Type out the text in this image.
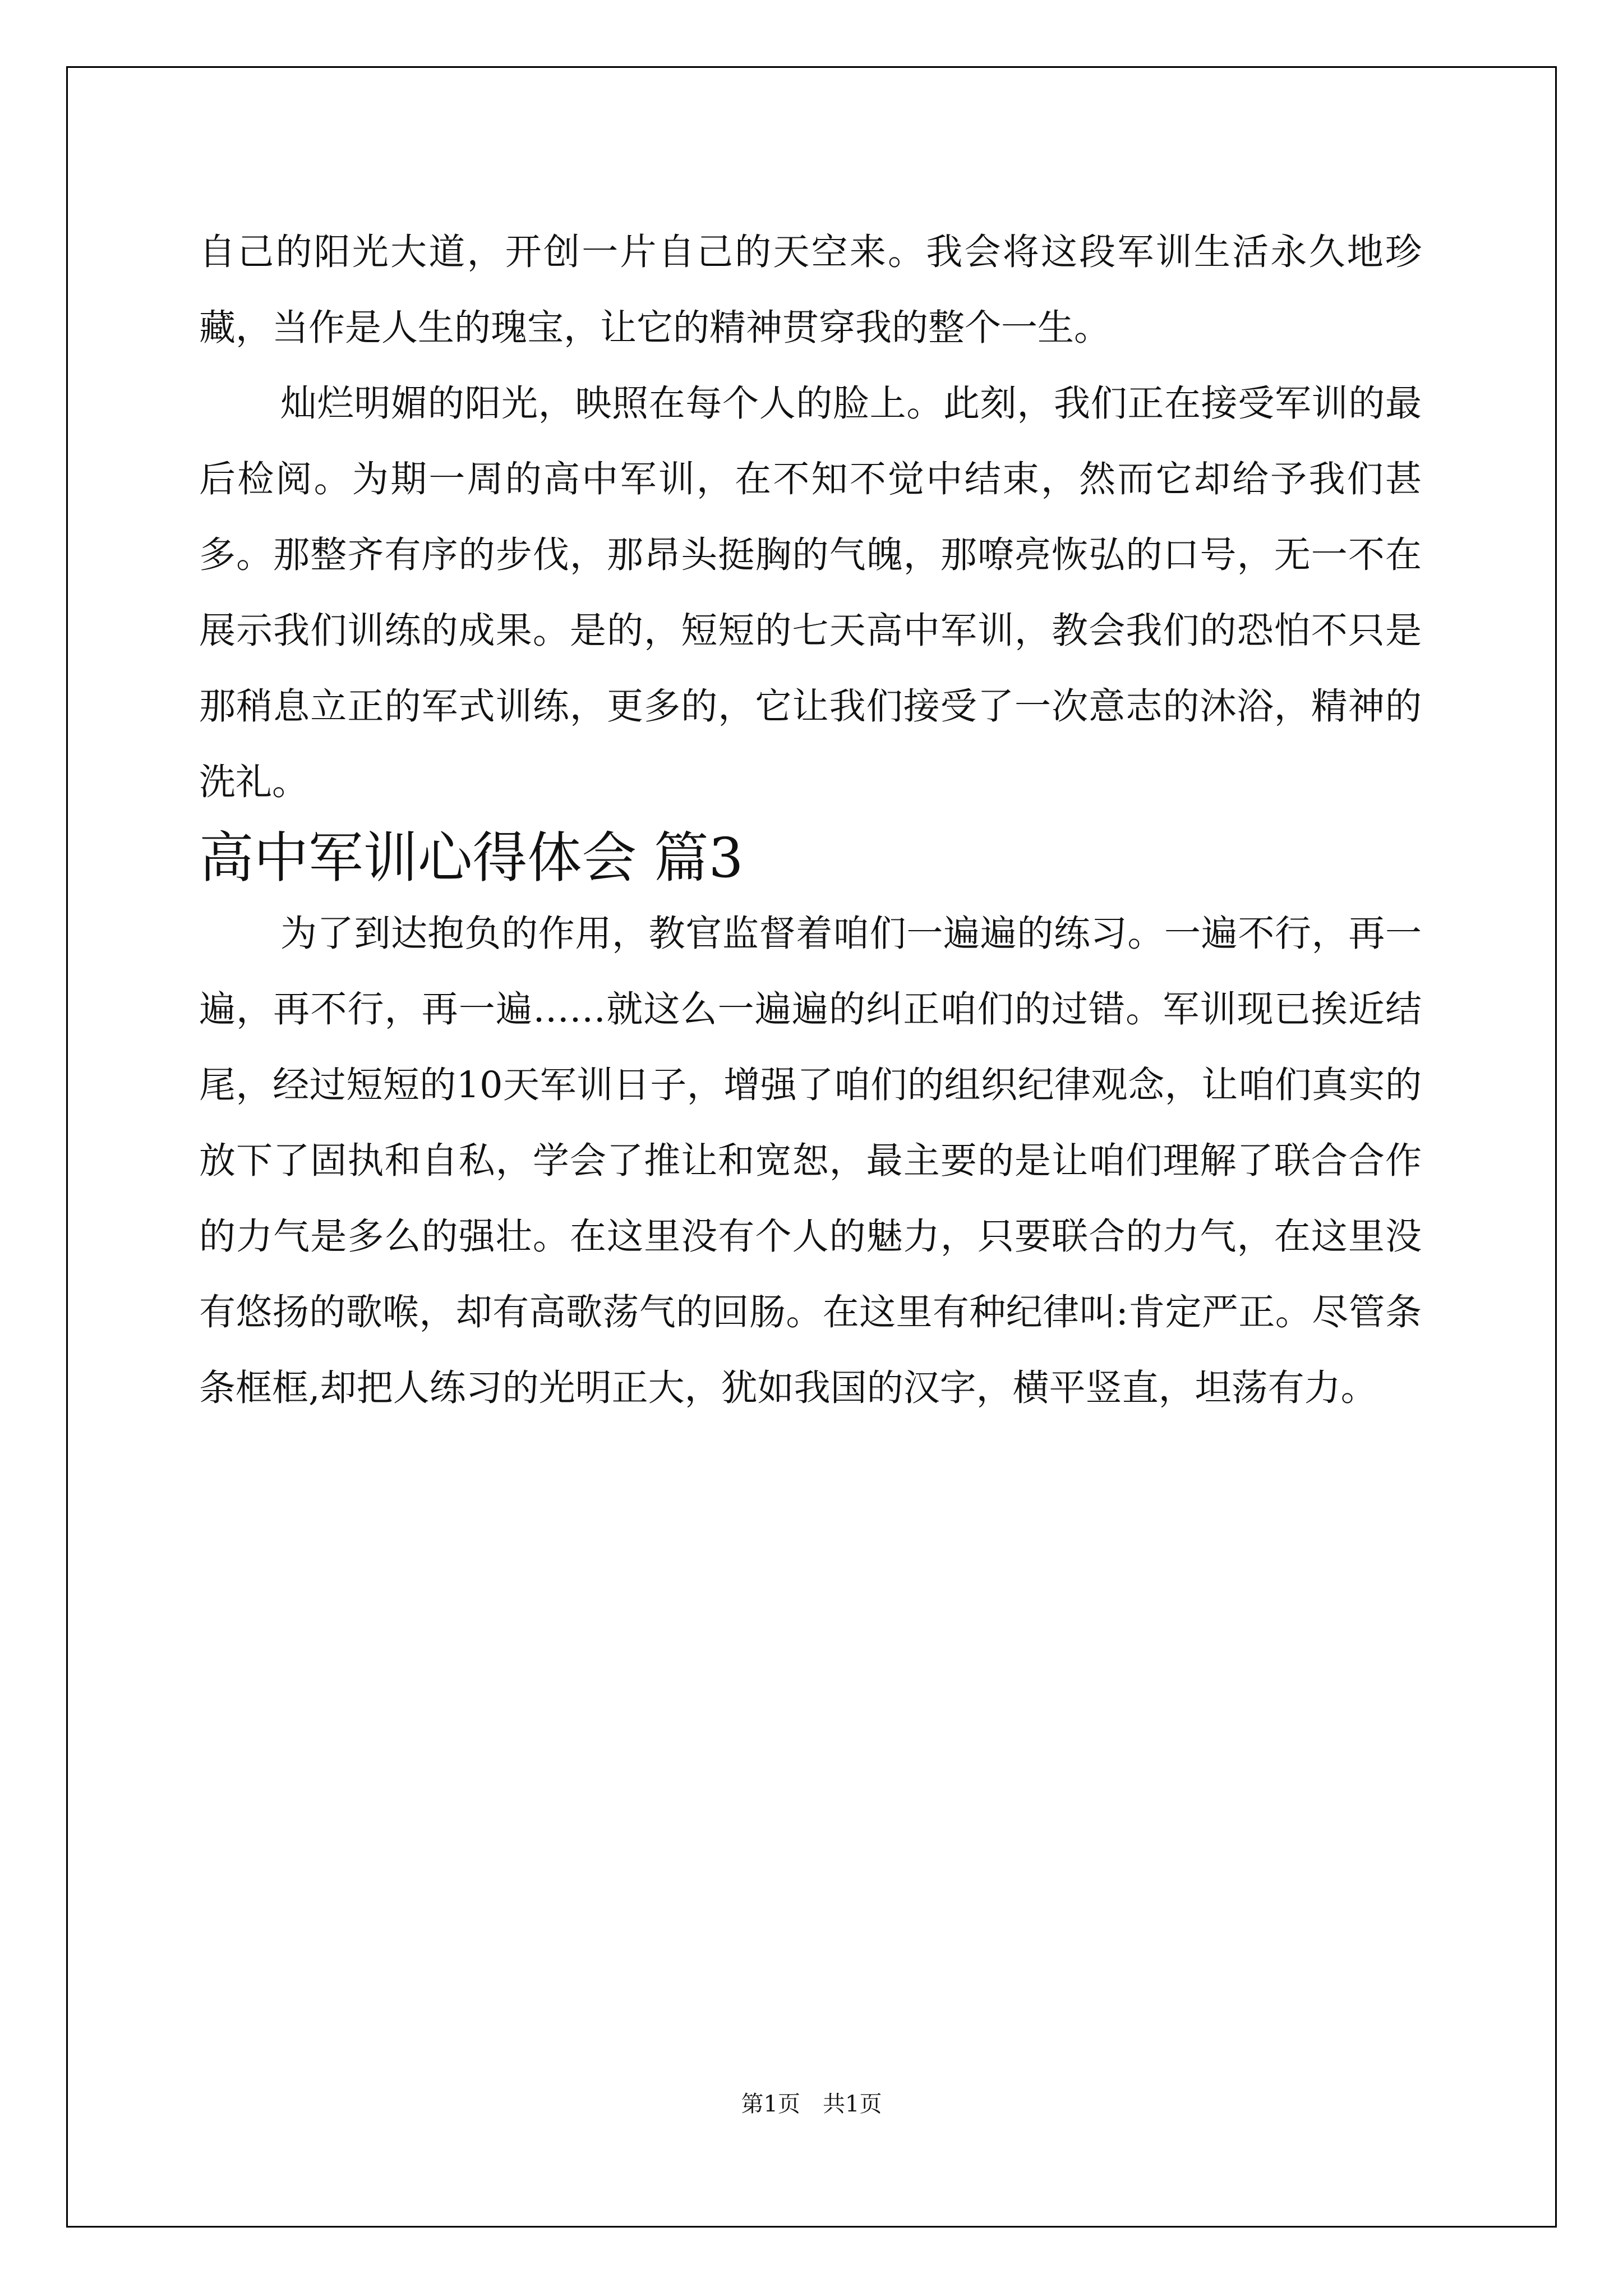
自己的阳光大道，开创一片自己的天空来。我会将这段军训生活永久地珍藏，当作是人生的瑰宝，让它的精神贯穿我的整个一生。

灿烂明媚的阳光，映照在每个人的脸上。此刻，我们正在接受军训的最后检阅。为期一周的高中军训，在不知不觉中结束，然而它却给予我们甚多。那整齐有序的步伐，那昂头挺胸的气魄，那嘹亮恢弘的口号，无一不在展示我们训练的成果。是的，短短的七天高中军训，教会我们的恐怕不只是那稍息立正的军式训练，更多的，它让我们接受了一次意志的沐浴，精神的洗礼。

高中军训心得体会 篇3

为了到达抱负的作用，教官监督着咱们一遍遍的练习。一遍不行，再一遍，再不行，再一遍……就这么一遍遍的纠正咱们的过错。军训现已挨近结尾，经过短短的10天军训日子，增强了咱们的组织纪律观念，让咱们真实的放下了固执和自私，学会了推让和宽恕，最主要的是让咱们理解了联合合作的力气是多么的强壮。在这里没有个人的魅力，只要联合的力气，在这里没有悠扬的歌喉，却有高歌荡气的回肠。在这里有种纪律叫:肯定严正。尽管条条框框,却把人练习的光明正大，犹如我国的汉字，横平竖直，坦荡有力。

第1页 共1页
